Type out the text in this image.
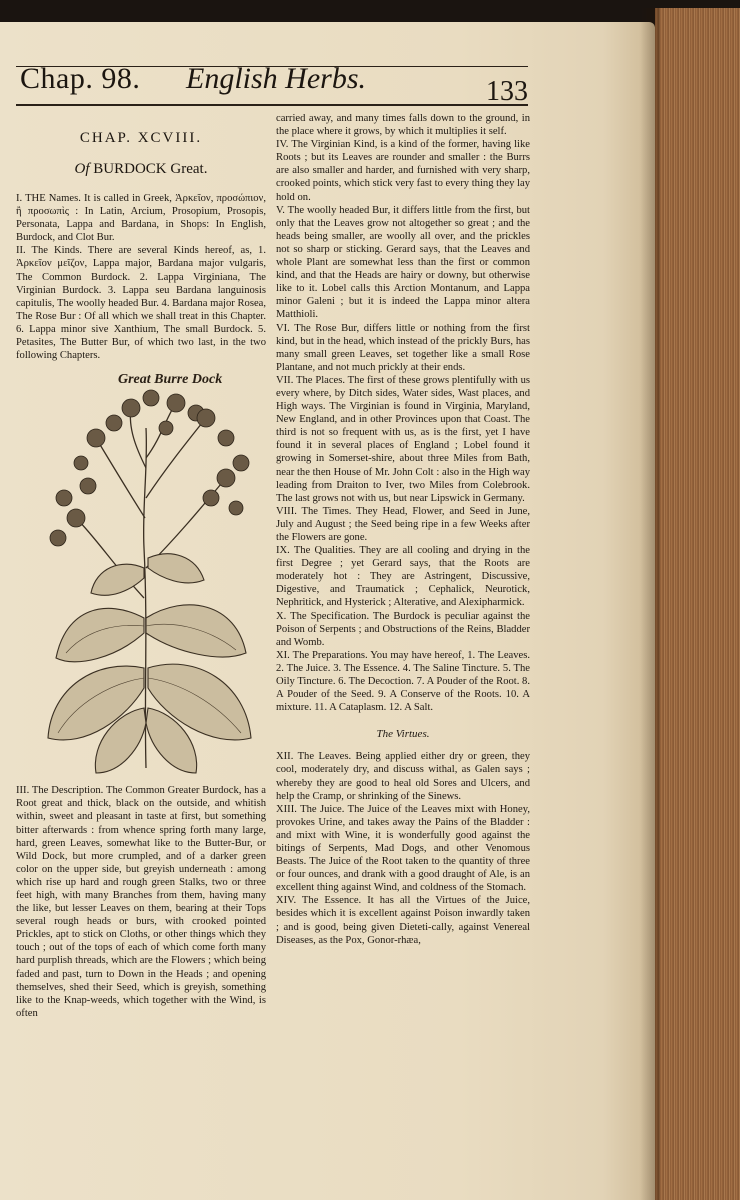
Chap. 98. English Herbs.	133
CHAP. XCVIII.
Of BURDOCK Great.

I. THE Names. It is called in Greek, Ἀρκεῖον, προσώπιον, ἢ προσωπὶς : In Latin, Arcium, Prosopium, Prosopis, Personata, Lappa and Bardana, in Shops: In English, Burdock, and Clot Bur.

II. The Kinds. There are several Kinds hereof, as, 1. Ἀρκεῖον μεῖζον, Lappa major, Bardana major vulgaris, The Common Burdock. 2. Lappa Virginiana, The Virginian Burdock. 3. Lappa seu Bardana languinosis capitulis, The woolly headed Bur. 4. Bardana major Rosea, The Rose Bur : Of all which we shall treat in this Chapter. 6. Lappa minor sive Xanthium, The small Burdock. 5. Petasites, The Butter Bur, of which two last, in the two following Chapters.

Great Burre Dock

III. The Description. The Common Greater Burdock, has a Root great and thick, black on the outside, and whitish within, sweet and pleasant in taste at first, but something bitter afterwards : from whence spring forth many large, hard, green Leaves, somewhat like to the Butter-Bur, or Wild Dock, but more crumpled, and of a darker green color on the upper side, but greyish underneath : among which rise up hard and rough green Stalks, two or three feet high, with many Branches from them, having many the like, but lesser Leaves on them, bearing at their Tops several rough heads or burs, with crooked pointed Prickles, apt to stick on Cloths, or other things which they touch ; out of the tops of each of which come forth many hard purplish threads, which are the Flowers ; which being faded and past, turn to Down in the Heads ; and opening themselves, shed their Seed, which is greyish, something like to the Knap-weeds, which together with the Wind, is often

carried away, and many times falls down to the ground, in the place where it grows, by which it multiplies it self.

IV. The Virginian Kind, is a kind of the former, having like Roots ; but its Leaves are rounder and smaller : the Burrs are also smaller and harder, and furnished with very sharp, crooked points, which stick very fast to every thing they lay hold on.

V. The woolly headed Bur, it differs little from the first, but only that the Leaves grow not altogether so great ; and the heads being smaller, are woolly all over, and the prickles not so sharp or sticking. Gerard says, that the Leaves and whole Plant are somewhat less than the first or common kind, and that the Heads are hairy or downy, but otherwise like to it. Lobel calls this Arction Montanum, and Lappa minor Galeni ; but it is indeed the Lappa minor altera Matthioli.

VI. The Rose Bur, differs little or nothing from the first kind, but in the head, which instead of the prickly Burs, has many small green Leaves, set together like a small Rose Plantane, and not much prickly at their ends.

VII. The Places. The first of these grows plentifully with us every where, by Ditch sides, Water sides, Wast places, and High ways. The Virginian is found in Virginia, Maryland, New England, and in other Provinces upon that Coast. The third is not so frequent with us, as is the first, yet I have found it in several places of England ; Lobel found it growing in Somerset-shire, about three Miles from Bath, near the then House of Mr. John Colt : also in the High way leading from Draiton to Iver, two Miles from Colebrook. The last grows not with us, but near Lipswick in Germany.

VIII. The Times. They Head, Flower, and Seed in June, July and August ; the Seed being ripe in a few Weeks after the Flowers are gone.

IX. The Qualities. They are all cooling and drying in the first Degree ; yet Gerard says, that the Roots are moderately hot : They are Astringent, Discussive, Digestive, and Traumatick ; Cephalick, Neurotick, Nephritick, and Hysterick ; Alterative, and Alexipharmick.

X. The Specification. The Burdock is peculiar against the Poison of Serpents ; and Obstructions of the Reins, Bladder and Womb.

XI. The Preparations. You may have hereof, 1. The Leaves. 2. The Juice. 3. The Essence. 4. The Saline Tincture. 5. The Oily Tincture. 6. The Decoction. 7. A Pouder of the Root. 8. A Pouder of the Seed. 9. A Conserve of the Roots. 10. A mixture. 11. A Cataplasm. 12. A Salt.

The Virtues.

XII. The Leaves. Being applied either dry or green, they cool, moderately dry, and discuss withal, as Galen says ; whereby they are good to heal old Sores and Ulcers, and help the Cramp, or shrinking of the Sinews.

XIII. The Juice. The Juice of the Leaves mixt with Honey, provokes Urine, and takes away the Pains of the Bladder : and mixt with Wine, it is wonderfully good against the bitings of Serpents, Mad Dogs, and other Venomous Beasts. The Juice of the Root taken to the quantity of three or four ounces, and drank with a good draught of Ale, is an excellent thing against Wind, and coldness of the Stomach.

XIV. The Essence. It has all the Virtues of the Juice, besides which it is excellent against Poison inwardly taken ; and is good, being given Dieteti-cally, against Venereal Diseases, as the Pox, Gonor-rhæa,
